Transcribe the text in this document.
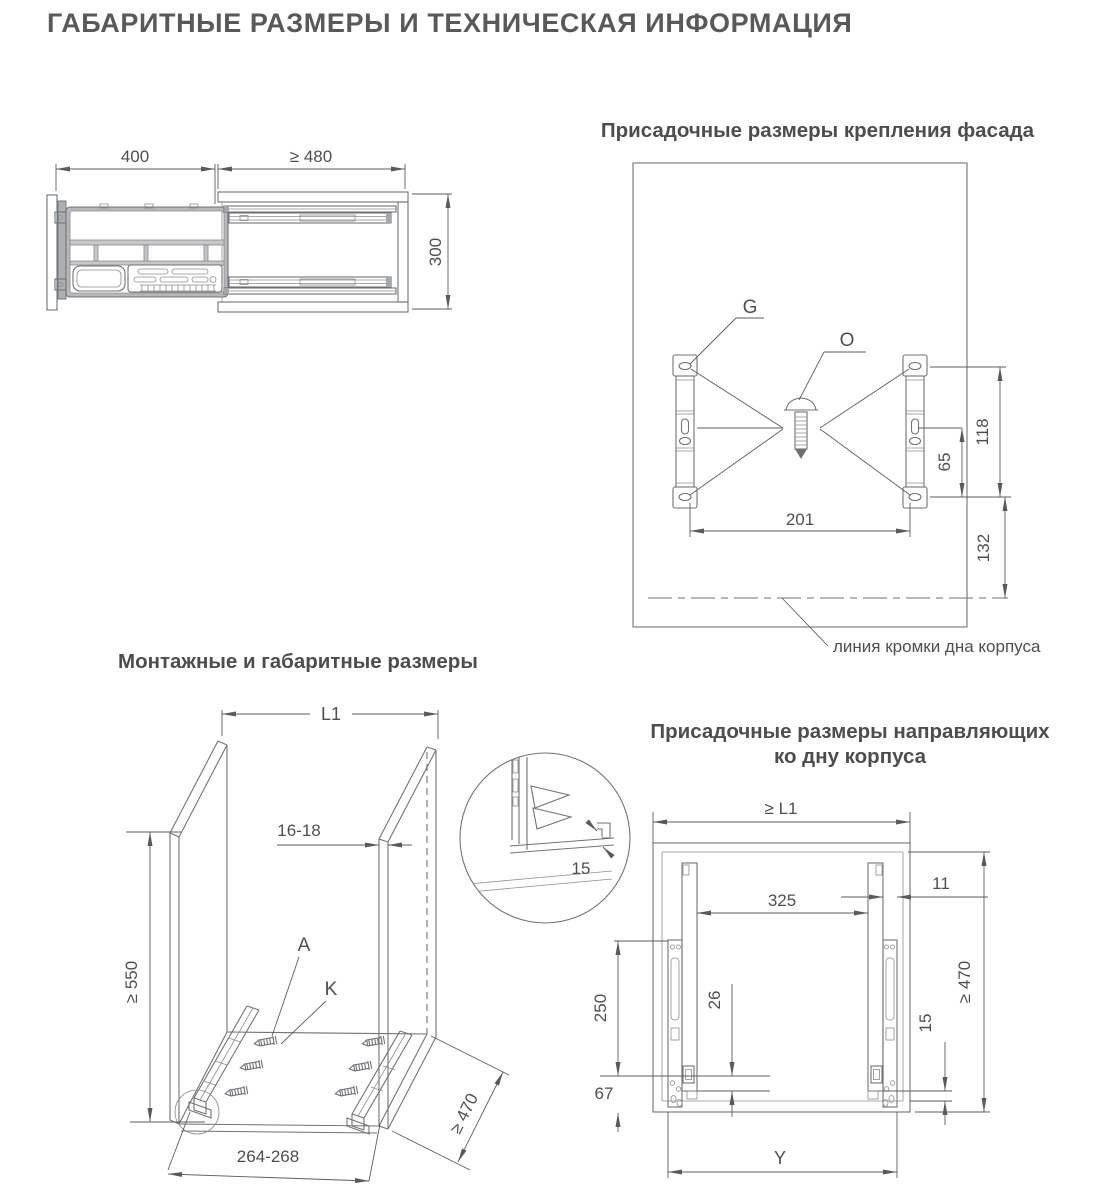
ГАБАРИТНЫЕ РАЗМЕРЫ И ТЕХНИЧЕСКАЯ ИНФОРМАЦИЯ
Присадочные размеры крепления фасада
Монтажные и габаритные размеры
Присадочные размеры направляющих
ко дну корпуса
400	≥ 480
300
G
O
118
65
132
201
линия кромки дна корпуса
15
L1
16-18
≥ 550
A
K
264-268
≥ 470
≥ L1
325
11
≥ 470
250
67
26
15
Y
